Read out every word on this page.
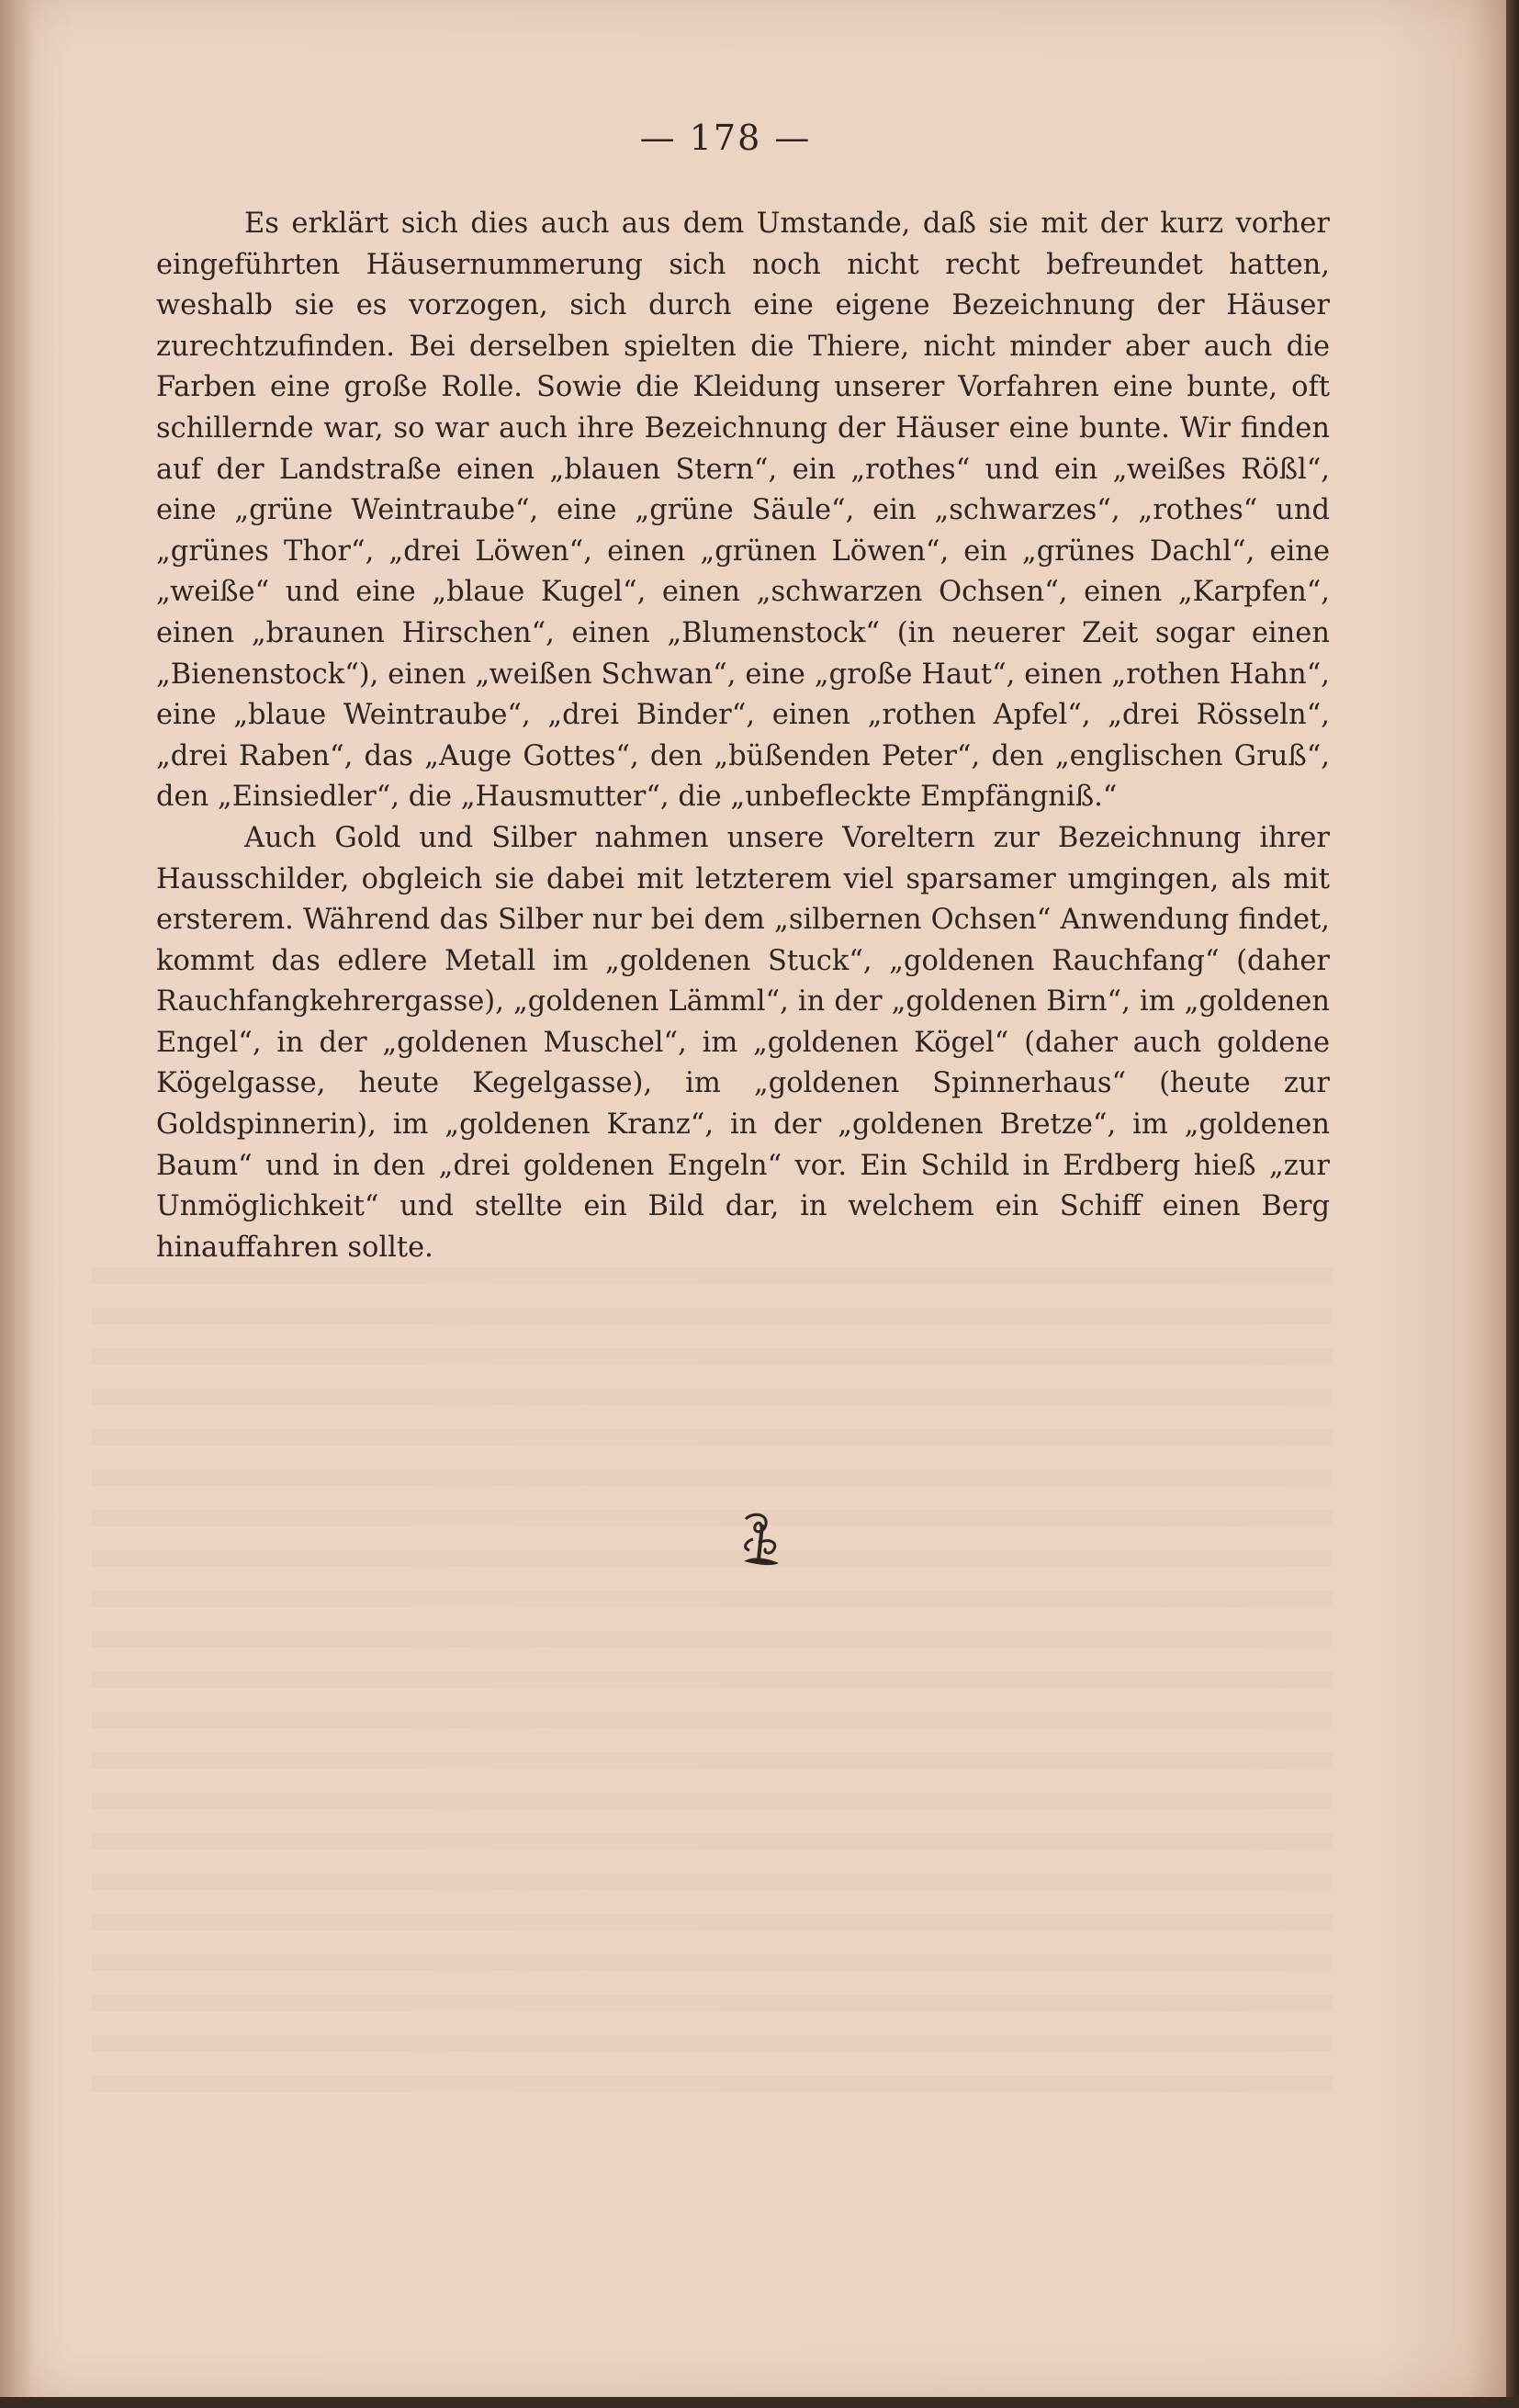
— 178 —

Es erklärt sich dies auch aus dem Umstande, daß sie mit der kurz vorher eingeführten Häusernummerung sich noch nicht recht befreundet hatten, weshalb sie es vorzogen, sich durch eine eigene Bezeichnung der Häuser zurechtzufinden. Bei derselben spielten die Thiere, nicht minder aber auch die Farben eine große Rolle. Sowie die Kleidung unserer Vorfahren eine bunte, oft schillernde war, so war auch ihre Bezeichnung der Häuser eine bunte. Wir finden auf der Landstraße einen „blauen Stern“, ein „rothes“ und ein „weißes Rößl“, eine „grüne Weintraube“, eine „grüne Säule“, ein „schwarzes“, „rothes“ und „grünes Thor“, „drei Löwen“, einen „grünen Löwen“, ein „grünes Dachl“, eine „weiße“ und eine „blaue Kugel“, einen „schwarzen Ochsen“, einen „Karpfen“, einen „braunen Hirschen“, einen „Blumenstock“ (in neuerer Zeit sogar einen „Bienenstock“), einen „weißen Schwan“, eine „große Haut“, einen „rothen Hahn“, eine „blaue Weintraube“, „drei Binder“, einen „rothen Apfel“, „drei Rösseln“, „drei Raben“, das „Auge Gottes“, den „büßenden Peter“, den „englischen Gruß“, den „Einsiedler“, die „Hausmutter“, die „unbefleckte Empfängniß.“

Auch Gold und Silber nahmen unsere Voreltern zur Bezeichnung ihrer Hausschilder, obgleich sie dabei mit letzterem viel sparsamer umgingen, als mit ersterem. Während das Silber nur bei dem „silbernen Ochsen“ Anwendung findet, kommt das edlere Metall im „goldenen Stuck“, „goldenen Rauchfang“ (daher Rauchfangkehrergasse), „goldenen Lämml“, in der „goldenen Birn“, im „goldenen Engel“, in der „goldenen Muschel“, im „goldenen Kögel“ (daher auch goldene Kögelgasse, heute Kegelgasse), im „goldenen Spinnerhaus“ (heute zur Goldspinnerin), im „goldenen Kranz“, in der „goldenen Bretze“, im „goldenen Baum“ und in den „drei goldenen Engeln“ vor. Ein Schild in Erdberg hieß „zur Unmöglichkeit“ und stellte ein Bild dar, in welchem ein Schiff einen Berg hinauffahren sollte.
